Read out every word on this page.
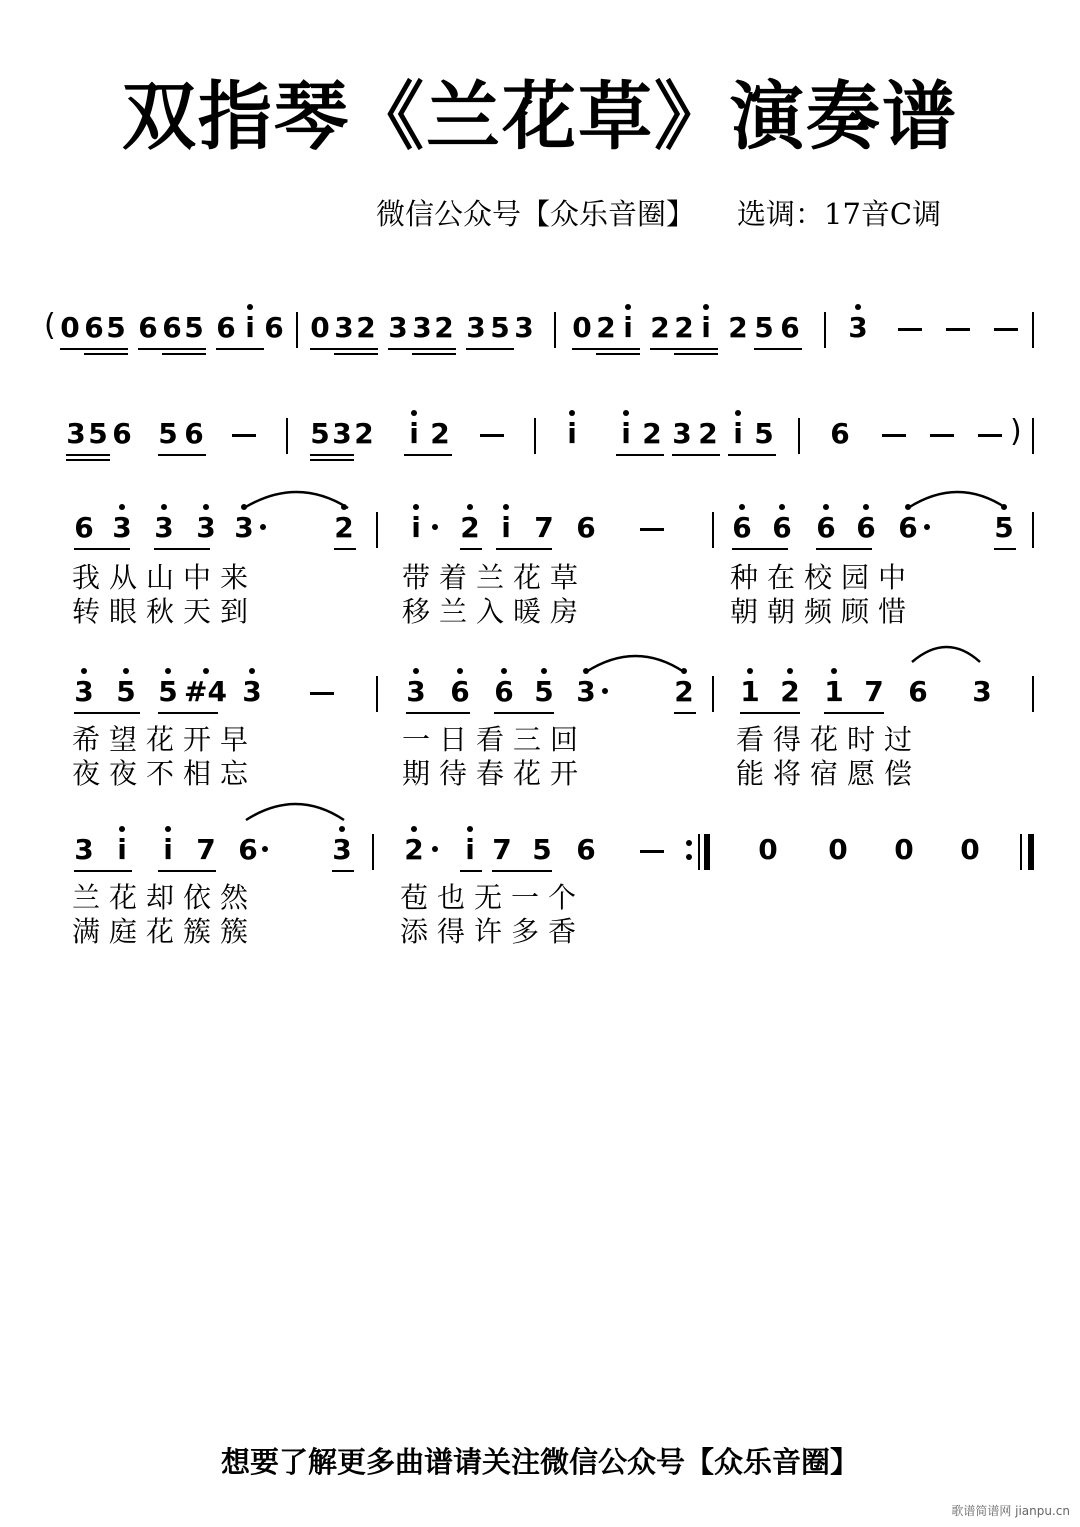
双指琴《兰花草》演奏谱
微信公众号【众乐音圈】 选调：17音C调
( 0 6 5 6 6 5 6 i 6 0 3 2 3 3 2 3 5 3 0 2 i 2 2 i 2 5 6 3
3 5 6 5 6	5 3 2 i 2	i i 2 3 2 i 5 6	)
6 3 3 3 3	2 i 2 i 7 6	6 6 6 6 6	5
我从山中来	带着兰花草	种在校园中
转眼秋天到	移兰入暖房	朝朝频顾惜
3 5 5 #4 3	3 6 6 5 3	2 1 2 1 7 6 3
希望花开早	一日看三回	看得花时过
夜夜不相忘	期待春花开	能将宿愿偿
3 i i 7 6	3 2 i 7 5 6	0 0 0 0
兰花却依然	苞也无一个
满庭花簇簇	添得许多香
想要了解更多曲谱请关注微信公众号【众乐音圈】
歌谱简谱网 jianpu.cn
